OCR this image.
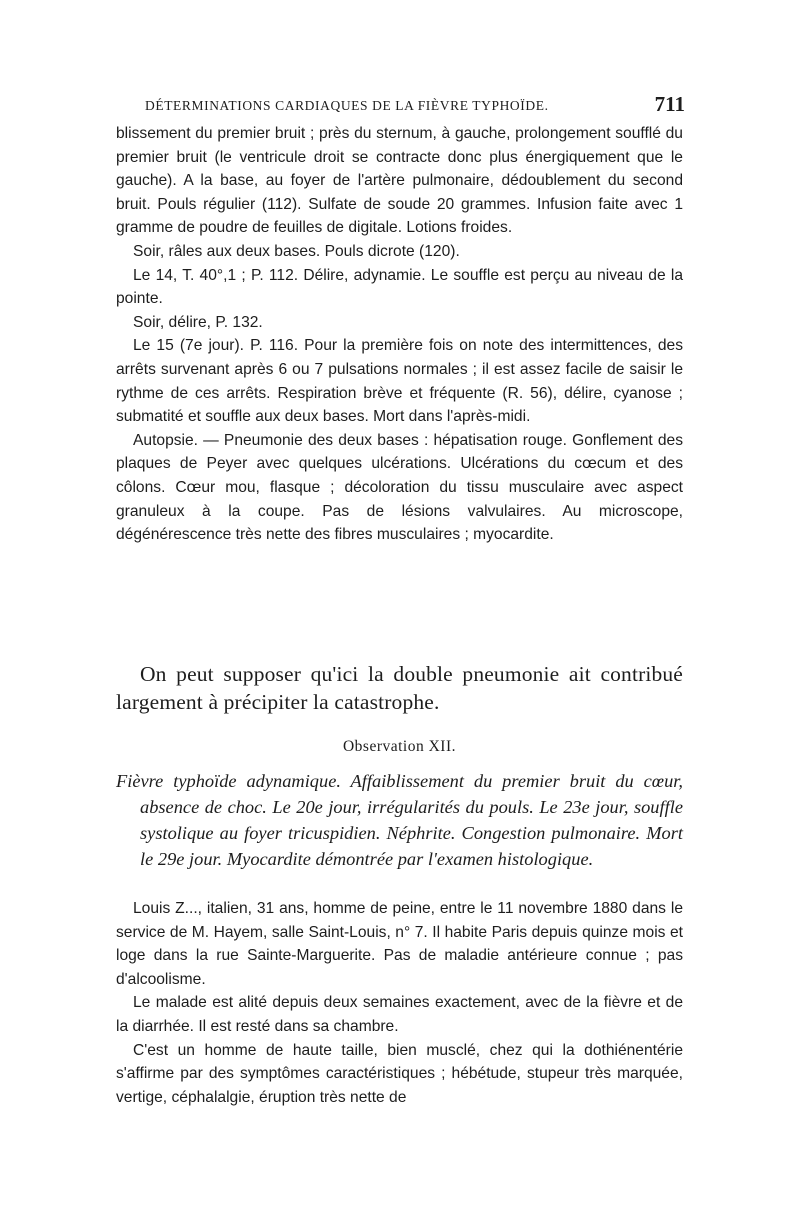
DÉTERMINATIONS CARDIAQUES DE LA FIÈVRE TYPHOÏDE.	711

blissement du premier bruit ; près du sternum, à gauche, prolongement soufflé du premier bruit (le ventricule droit se contracte donc plus énergiquement que le gauche). A la base, au foyer de l'artère pulmonaire, dédoublement du second bruit. Pouls régulier (112). Sulfate de soude 20 grammes. Infusion faite avec 1 gramme de poudre de feuilles de digitale. Lotions froides.

Soir, râles aux deux bases. Pouls dicrote (120).

Le 14, T. 40°,1 ; P. 112. Délire, adynamie. Le souffle est perçu au niveau de la pointe.

Soir, délire, P. 132.

Le 15 (7e jour). P. 116. Pour la première fois on note des intermittences, des arrêts survenant après 6 ou 7 pulsations normales ; il est assez facile de saisir le rythme de ces arrêts. Respiration brève et fréquente (R. 56), délire, cyanose ; submatité et souffle aux deux bases. Mort dans l'après-midi.

Autopsie. — Pneumonie des deux bases : hépatisation rouge. Gonflement des plaques de Peyer avec quelques ulcérations. Ulcérations du cœcum et des côlons. Cœur mou, flasque ; décoloration du tissu musculaire avec aspect granuleux à la coupe. Pas de lésions valvulaires. Au microscope, dégénérescence très nette des fibres musculaires ; myocardite.

On peut supposer qu'ici la double pneumonie ait contribué largement à précipiter la catastrophe.

Observation XII.

Fièvre typhoïde adynamique. Affaiblissement du premier bruit du cœur, absence de choc. Le 20e jour, irrégularités du pouls. Le 23e jour, souffle systolique au foyer tricuspidien. Néphrite. Congestion pulmonaire. Mort le 29e jour. Myocardite démontrée par l'examen histologique.

Louis Z..., italien, 31 ans, homme de peine, entre le 11 novembre 1880 dans le service de M. Hayem, salle Saint-Louis, n° 7. Il habite Paris depuis quinze mois et loge dans la rue Sainte-Marguerite. Pas de maladie antérieure connue ; pas d'alcoolisme.

Le malade est alité depuis deux semaines exactement, avec de la fièvre et de la diarrhée. Il est resté dans sa chambre.

C'est un homme de haute taille, bien musclé, chez qui la dothiénentérie s'affirme par des symptômes caractéristiques ; hébétude, stupeur très marquée, vertige, céphalalgie, éruption très nette de
